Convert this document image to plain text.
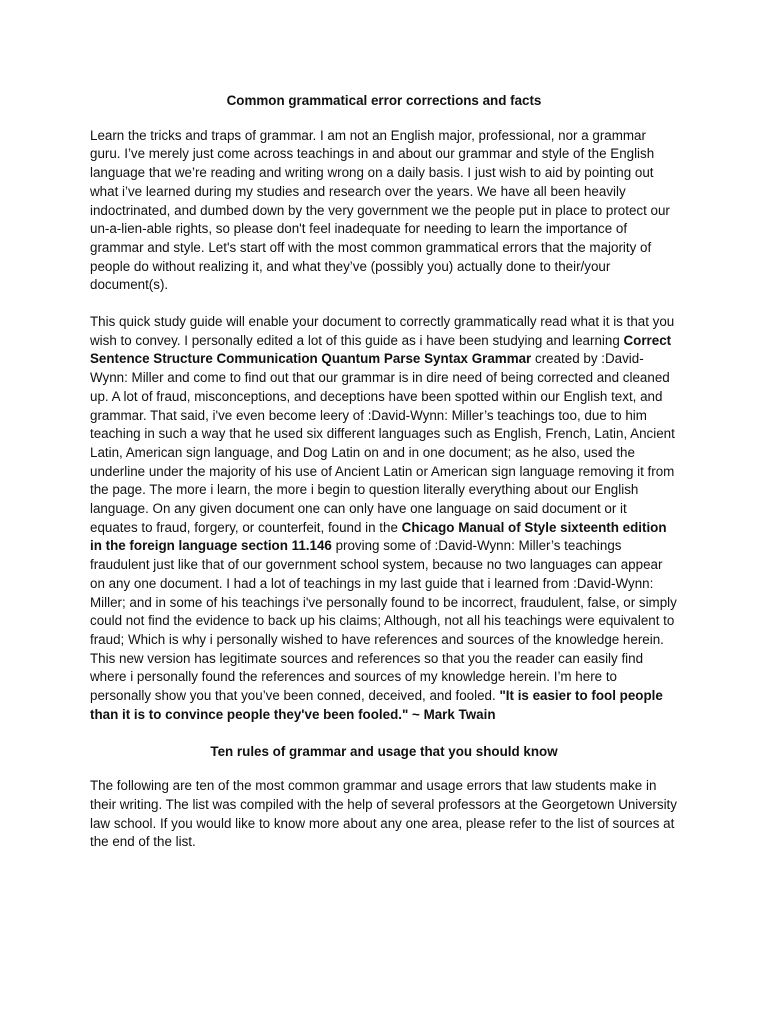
Common grammatical error corrections and facts

Learn the tricks and traps of grammar. I am not an English major, professional, nor a grammar guru. I’ve merely just come across teachings in and about our grammar and style of the English language that we’re reading and writing wrong on a daily basis. I just wish to aid by pointing out what i’ve learned during my studies and research over the years. We have all been heavily indoctrinated, and dumbed down by the very government we the people put in place to protect our un-a-lien-able rights, so please don't feel inadequate for needing to learn the importance of grammar and style. Let's start off with the most common grammatical errors that the majority of people do without realizing it, and what they’ve (possibly you) actually done to their/your document(s).

This quick study guide will enable your document to correctly grammatically read what it is that you wish to convey. I personally edited a lot of this guide as i have been studying and learning Correct Sentence Structure Communication Quantum Parse Syntax Grammar created by :David-Wynn: Miller and come to find out that our grammar is in dire need of being corrected and cleaned up. A lot of fraud, misconceptions, and deceptions have been spotted within our English text, and grammar. That said, i've even become leery of :David-Wynn: Miller’s teachings too, due to him teaching in such a way that he used six different languages such as English, French, Latin, Ancient Latin, American sign language, and Dog Latin on and in one document; as he also, used the underline under the majority of his use of Ancient Latin or American sign language removing it from the page. The more i learn, the more i begin to question literally everything about our English language. On any given document one can only have one language on said document or it equates to fraud, forgery, or counterfeit, found in the Chicago Manual of Style sixteenth edition in the foreign language section 11.146 proving some of :David-Wynn: Miller’s teachings fraudulent just like that of our government school system, because no two languages can appear on any one document. I had a lot of teachings in my last guide that i learned from :David-Wynn: Miller; and in some of his teachings i've personally found to be incorrect, fraudulent, false, or simply could not find the evidence to back up his claims; Although, not all his teachings were equivalent to fraud; Which is why i personally wished to have references and sources of the knowledge herein. This new version has legitimate sources and references so that you the reader can easily find where i personally found the references and sources of my knowledge herein. I’m here to personally show you that you’ve been conned, deceived, and fooled. "It is easier to fool people than it is to convince people they've been fooled." ~ Mark Twain

Ten rules of grammar and usage that you should know

The following are ten of the most common grammar and usage errors that law students make in their writing. The list was compiled with the help of several professors at the Georgetown University law school. If you would like to know more about any one area, please refer to the list of sources at the end of the list.
